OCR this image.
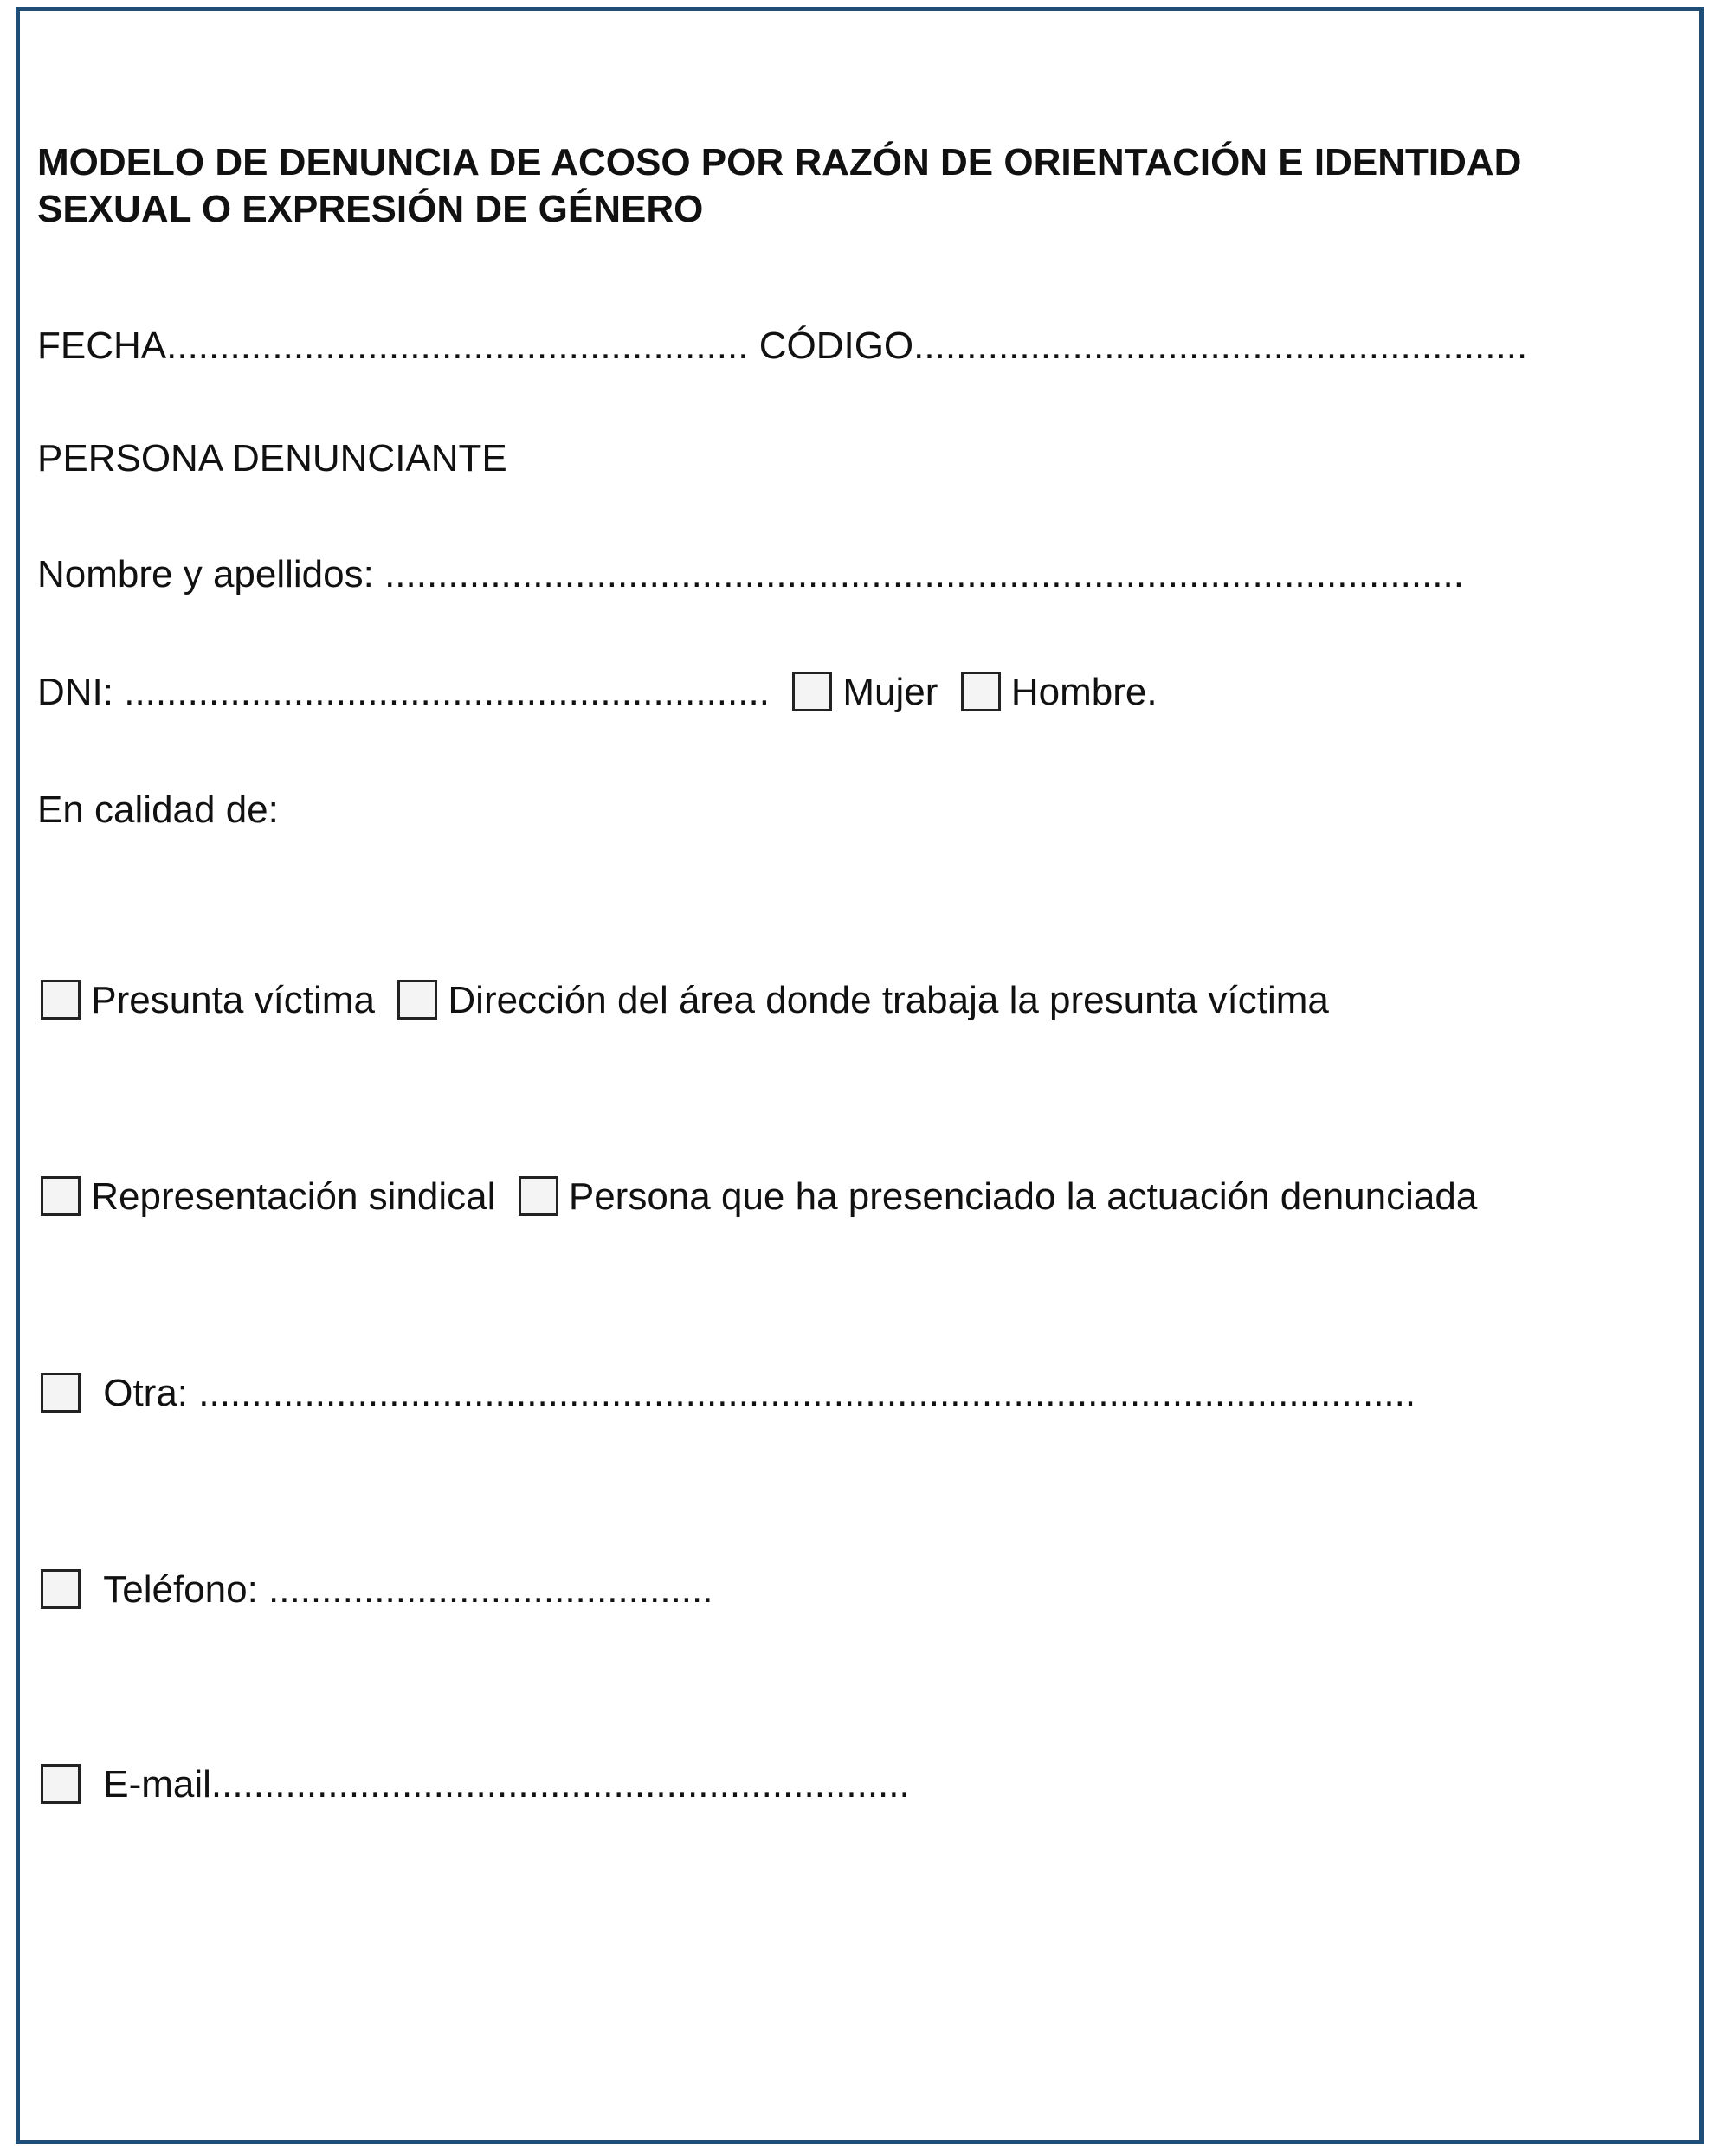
MODELO DE DENUNCIA DE ACOSO POR RAZÓN DE ORIENTACIÓN E IDENTIDAD
SEXUAL O EXPRESIÓN DE GÉNERO
FECHA....................................................... CÓDIGO..........................................................
PERSONA DENUNCIANTE
Nombre y apellidos: ......................................................................................................
DNI: ............................................................. Mujer Hombre.
En calidad de:
Presunta víctima Dirección del área donde trabaja la presunta víctima
Representación sindical Persona que ha presenciado la actuación denunciada
Otra: ...................................................................................................................
Teléfono: ..........................................
E-mail..................................................................
